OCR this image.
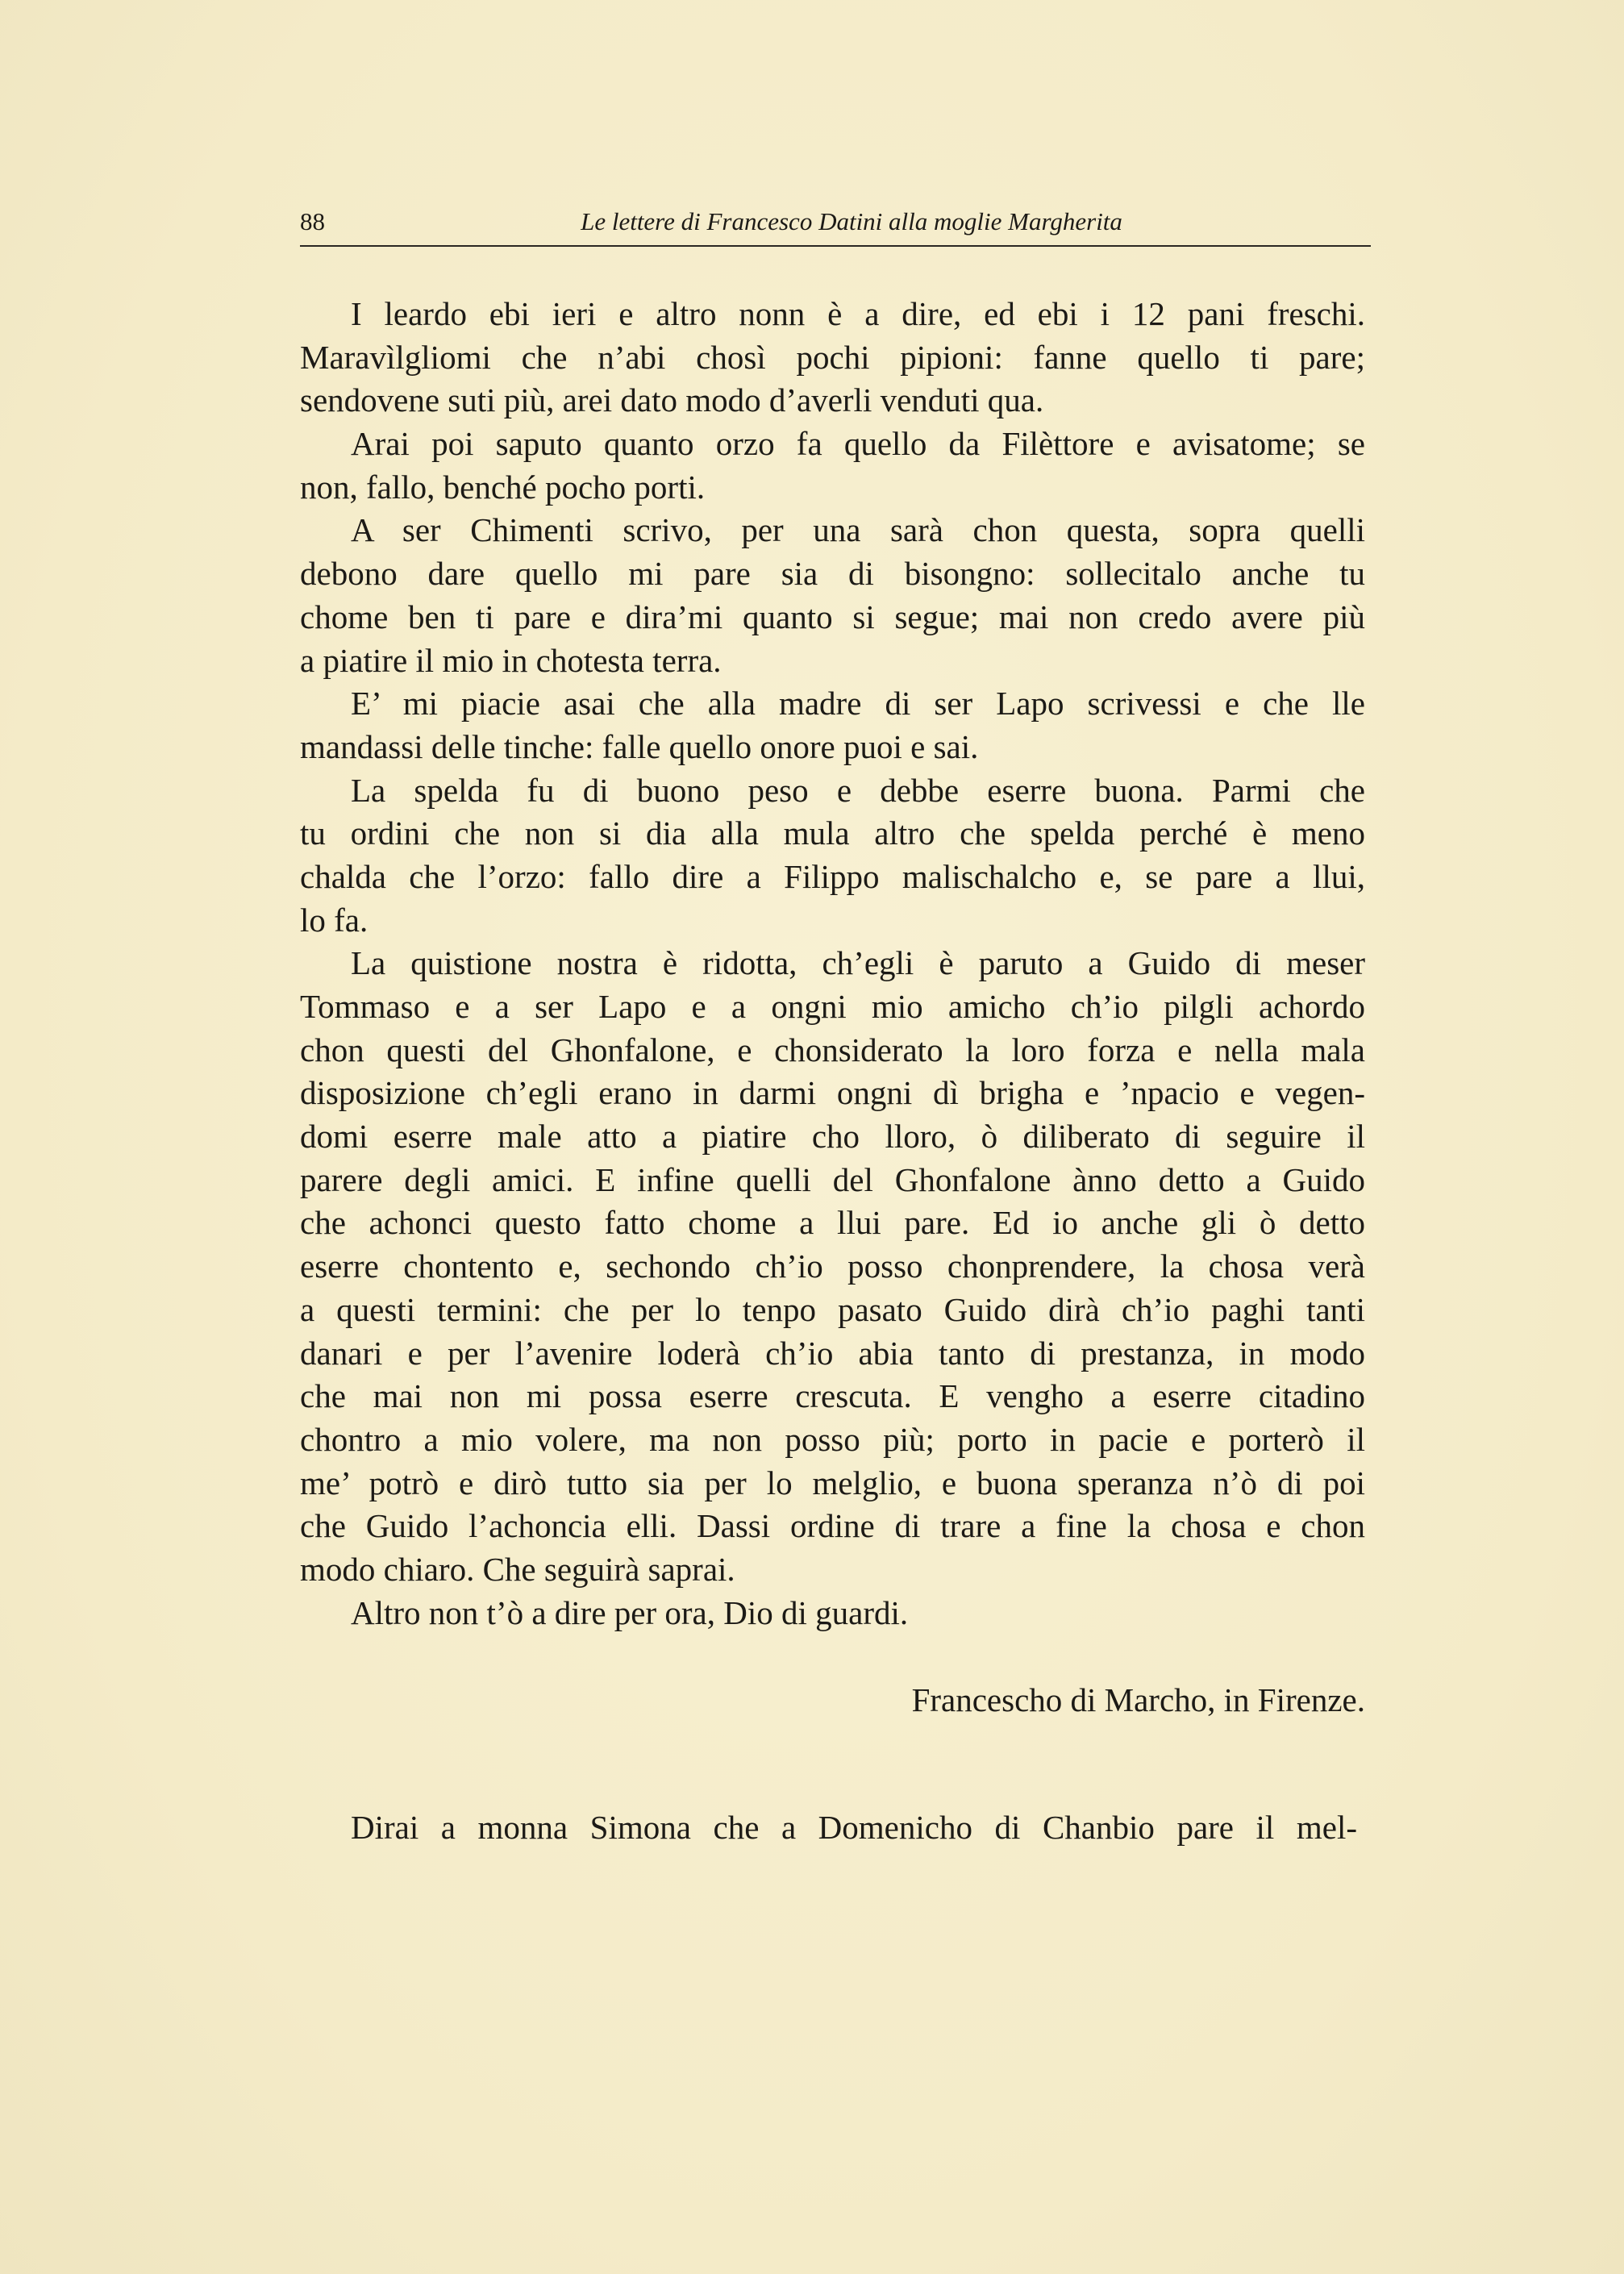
88	Le lettere di Francesco Datini alla moglie Margherita
I leardo ebi ieri e altro nonn è a dire, ed ebi i 12 pani freschi.
Maravìlgliomi che n’abi chosì pochi pipioni: fanne quello ti pare;
sendovene suti più, arei dato modo d’averli venduti qua.
Arai poi saputo quanto orzo fa quello da Filèttore e avisatome; se
non, fallo, benché pocho porti.
A ser Chimenti scrivo, per una sarà chon questa, sopra quelli
debono dare quello mi pare sia di bisongno: sollecitalo anche tu
chome ben ti pare e dira’mi quanto si segue; mai non credo avere più
a piatire il mio in chotesta terra.
E’ mi piacie asai che alla madre di ser Lapo scrivessi e che lle
mandassi delle tinche: falle quello onore puoi e sai.
La spelda fu di buono peso e debbe eserre buona. Parmi che
tu ordini che non si dia alla mula altro che spelda perché è meno
chalda che l’orzo: fallo dire a Filippo malischalcho e, se pare a llui,
lo fa.
La quistione nostra è ridotta, ch’egli è paruto a Guido di meser
Tommaso e a ser Lapo e a ongni mio amicho ch’io pilgli achordo
chon questi del Ghonfalone, e chonsiderato la loro forza e nella mala
disposizione ch’egli erano in darmi ongni dì brigha e ’npacio e vegen-
domi eserre male atto a piatire cho lloro, ò diliberato di seguire il
parere degli amici. E infine quelli del Ghonfalone ànno detto a Guido
che achonci questo fatto chome a llui pare. Ed io anche gli ò detto
eserre chontento e, sechondo ch’io posso chonprendere, la chosa verà
a questi termini: che per lo tenpo pasato Guido dirà ch’io paghi tanti
danari e per l’avenire loderà ch’io abia tanto di prestanza, in modo
che mai non mi possa eserre crescuta. E vengho a eserre citadino
chontro a mio volere, ma non posso più; porto in pacie e porterò il
me’ potrò e dirò tutto sia per lo melglio, e buona speranza n’ò di poi
che Guido l’achoncia elli. Dassi ordine di trare a fine la chosa e chon
modo chiaro. Che seguirà saprai.
Altro non t’ò a dire per ora, Dio di guardi.
Francescho di Marcho, in Firenze.
Dirai a monna Simona che a Domenicho di Chanbio pare il mel-
